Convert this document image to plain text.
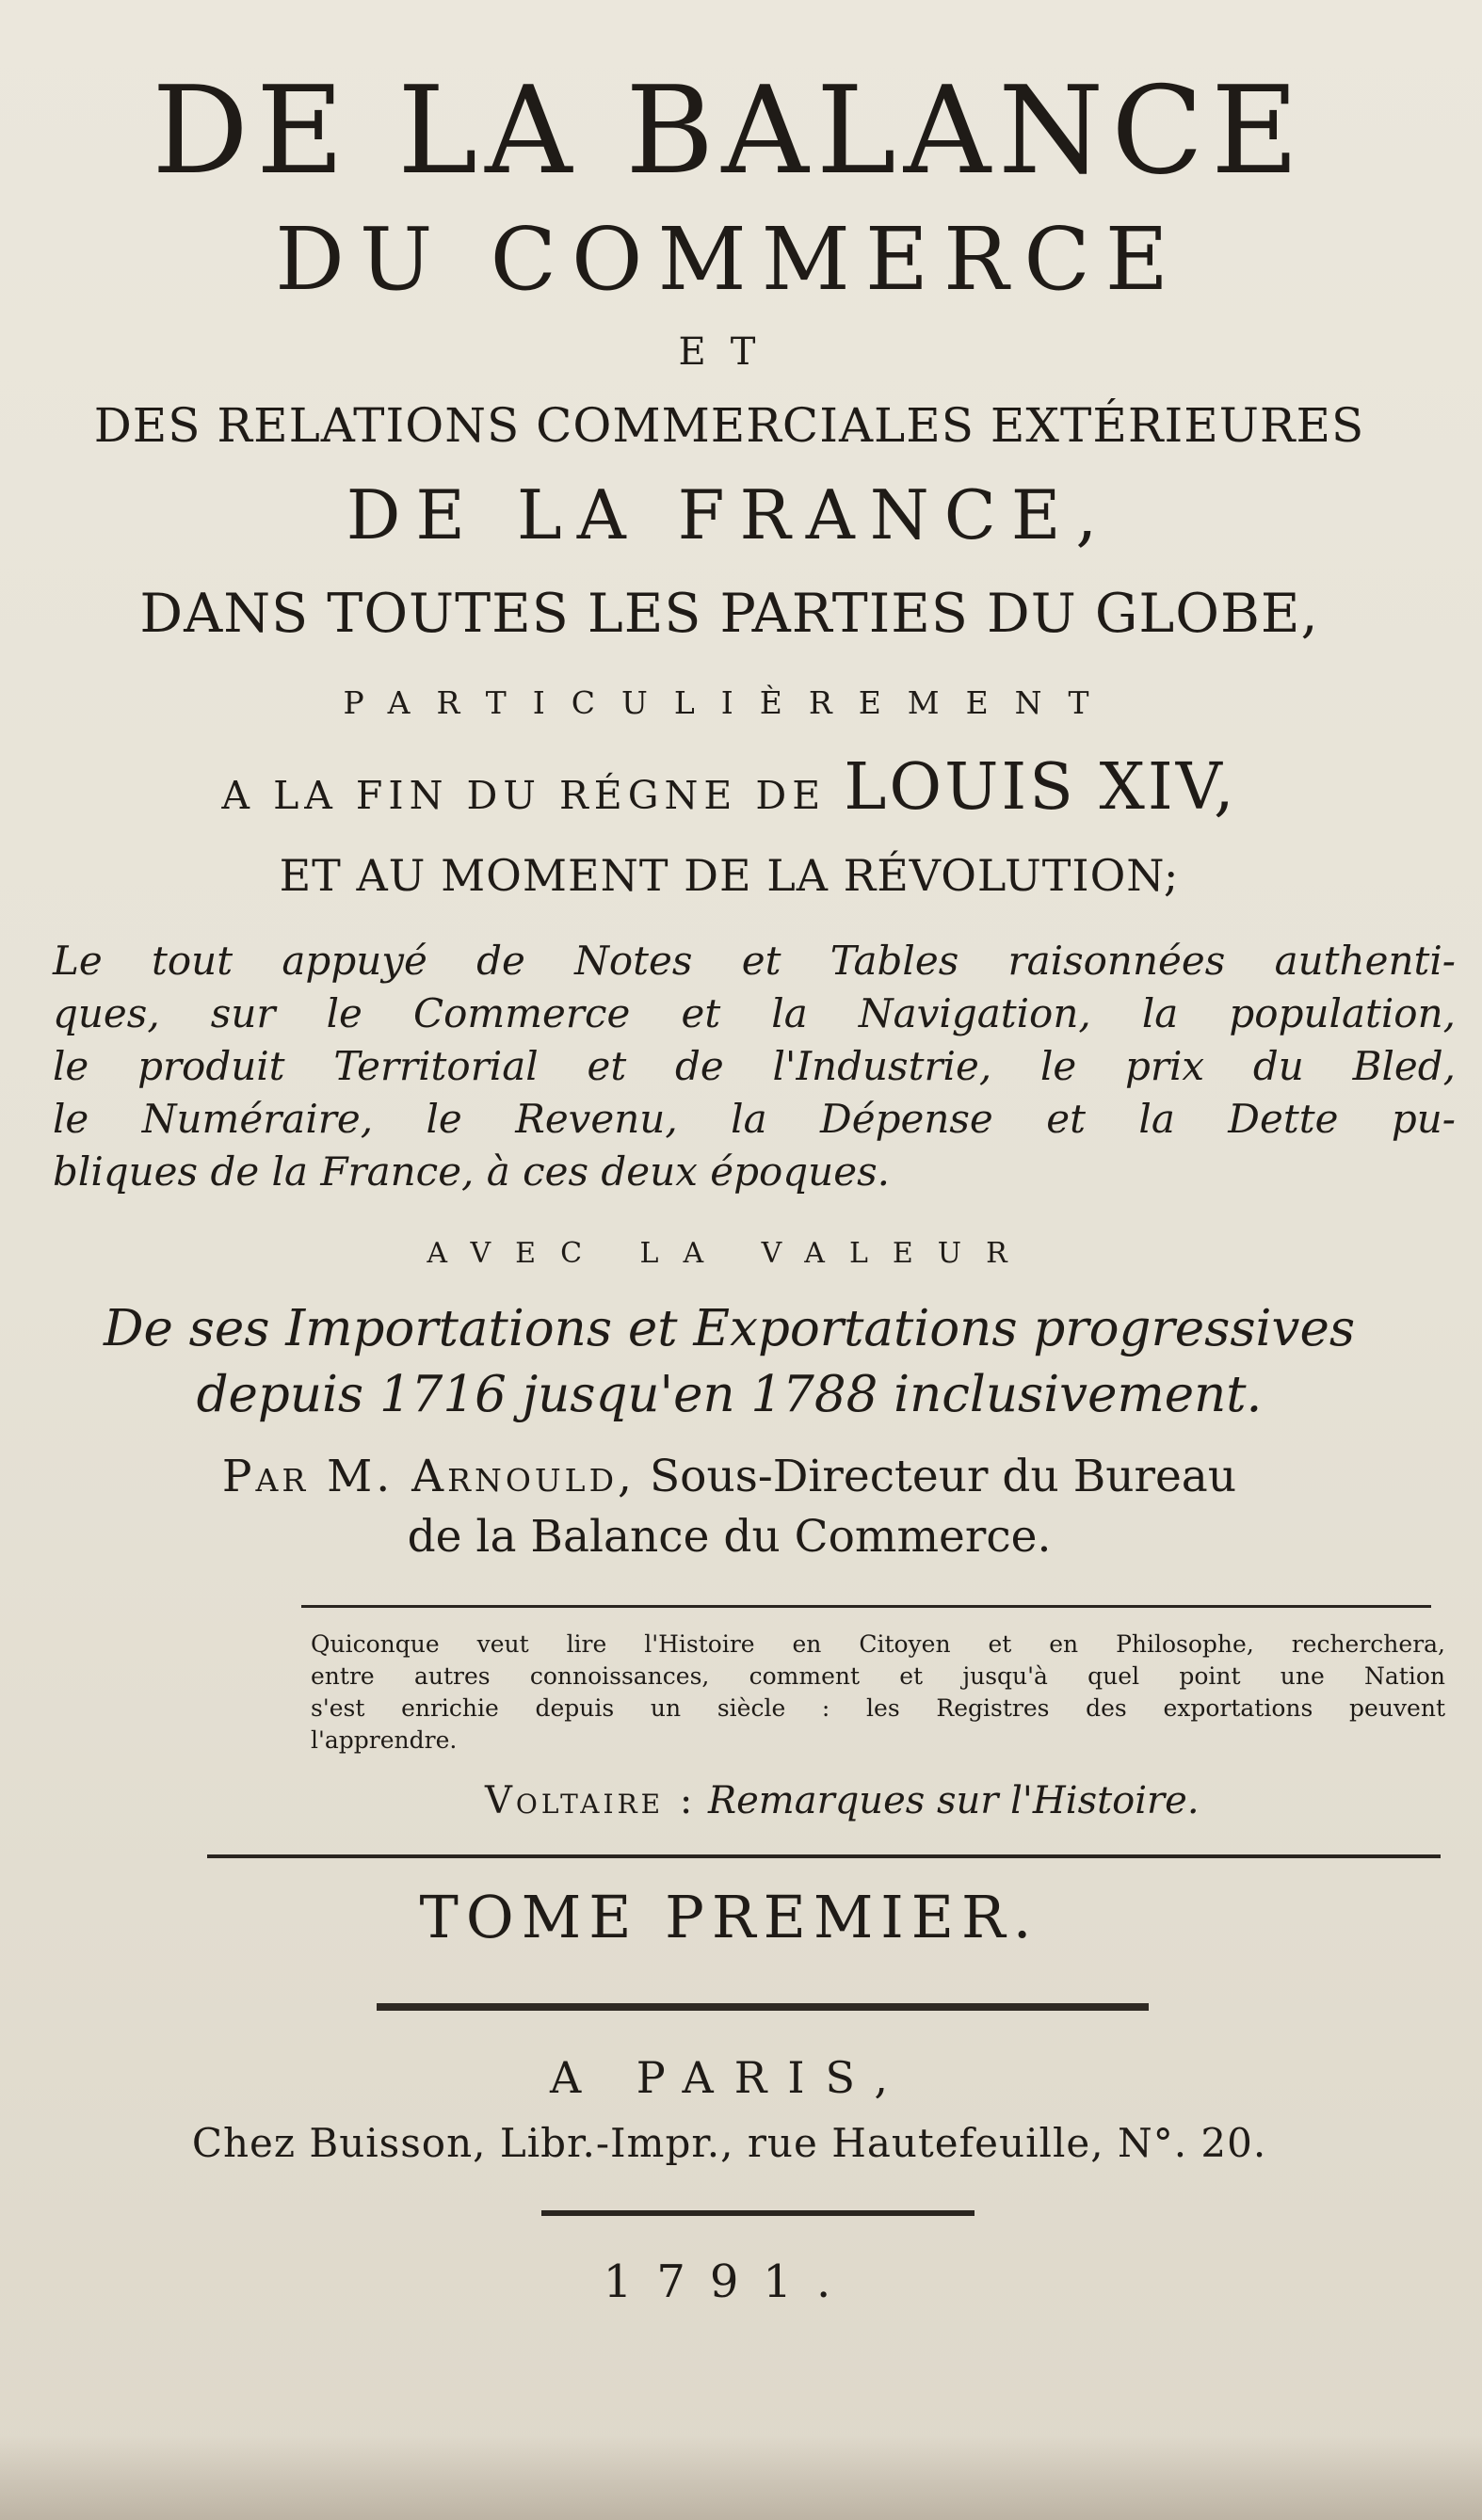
DE LA BALANCE
DU COMMERCE
ET
DES RELATIONS COMMERCIALES EXTÉRIEURES
DE LA FRANCE,
DANS TOUTES LES PARTIES DU GLOBE,
PARTICULIÈREMENT
A LA FIN DU RÉGNE DE LOUIS XIV,
ET AU MOMENT DE LA RÉVOLUTION;

Le tout appuyé de Notes et Tables raisonnées authenti-

ques, sur le Commerce et la Navigation, la population,

le produit Territorial et de l'Industrie, le prix du Bled,

le Numéraire, le Revenu, la Dépense et la Dette pu-

bliques de la France, à ces deux époques.

AVEC LA VALEUR
De ses Importations et Exportations progressives
depuis 1716 jusqu'en 1788 inclusivement.
Par M. Arnould, Sous-Directeur du Bureau
de la Balance du Commerce.

Quiconque veut lire l'Histoire en Citoyen et en Philosophe, recherchera,

entre autres connoissances, comment et jusqu'à quel point une Nation

s'est enrichie depuis un siècle : les Registres des exportations peuvent

l'apprendre.

Voltaire : Remarques sur l'Histoire.
TOME PREMIER.
A PARIS,
Chez Buisson, Libr.-Impr., rue Hautefeuille, N°. 20.
1791.
